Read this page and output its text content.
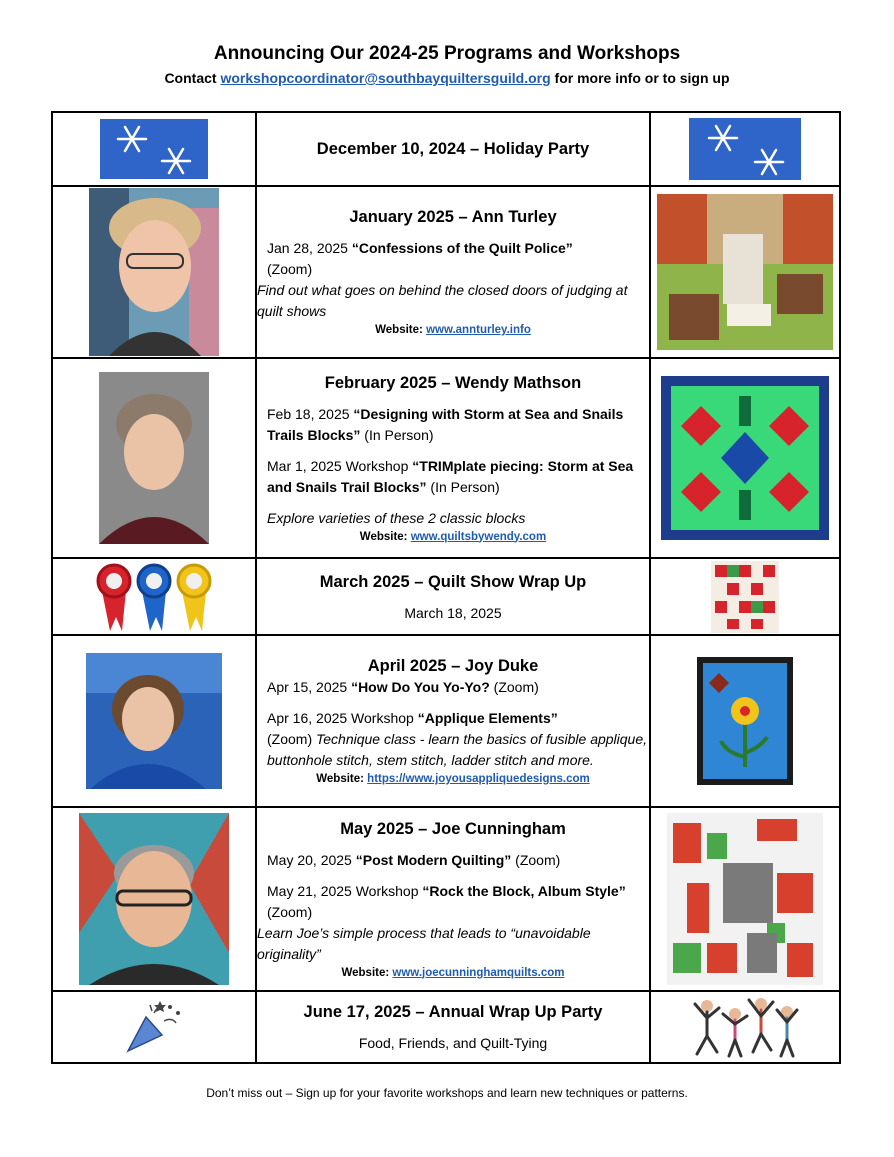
Announcing Our 2024-25 Programs and Workshops

Contact workshopcoordinator@southbayquiltersguild.org for more info or to sign up

December 10, 2024 – Holiday Party

January 2025 – Ann Turley

Jan 28, 2025 “Confessions of the Quilt Police”
(Zoom)

Find out what goes on behind the closed doors of judging at quilt shows

Website: www.annturley.info

February 2025 – Wendy Mathson

Feb 18, 2025 “Designing with Storm at Sea and Snails Trails Blocks” (In Person)

Mar 1, 2025 Workshop “TRIMplate piecing: Storm at Sea and Snails Trail Blocks” (In Person)

Explore varieties of these 2 classic blocks

Website: www.quiltsbywendy.com

March 2025 – Quilt Show Wrap Up

March 18, 2025

April 2025 – Joy Duke

Apr 15, 2025 “How Do You Yo-Yo? (Zoom)

Apr 16, 2025 Workshop “Applique Elements”
(Zoom) Technique class - learn the basics of fusible applique, buttonhole stitch, stem stitch, ladder stitch and more.

Website: https://www.joyousappliquedesigns.com

May 2025 – Joe Cunningham

May 20, 2025 “Post Modern Quilting” (Zoom)

May 21, 2025 Workshop “Rock the Block, Album Style” (Zoom)

Learn Joe’s simple process that leads to “unavoidable originality”

Website: www.joecunninghamquilts.com

June 17, 2025 – Annual Wrap Up Party

Food, Friends, and Quilt-Tying

Don’t miss out – Sign up for your favorite workshops and learn new techniques or patterns.
